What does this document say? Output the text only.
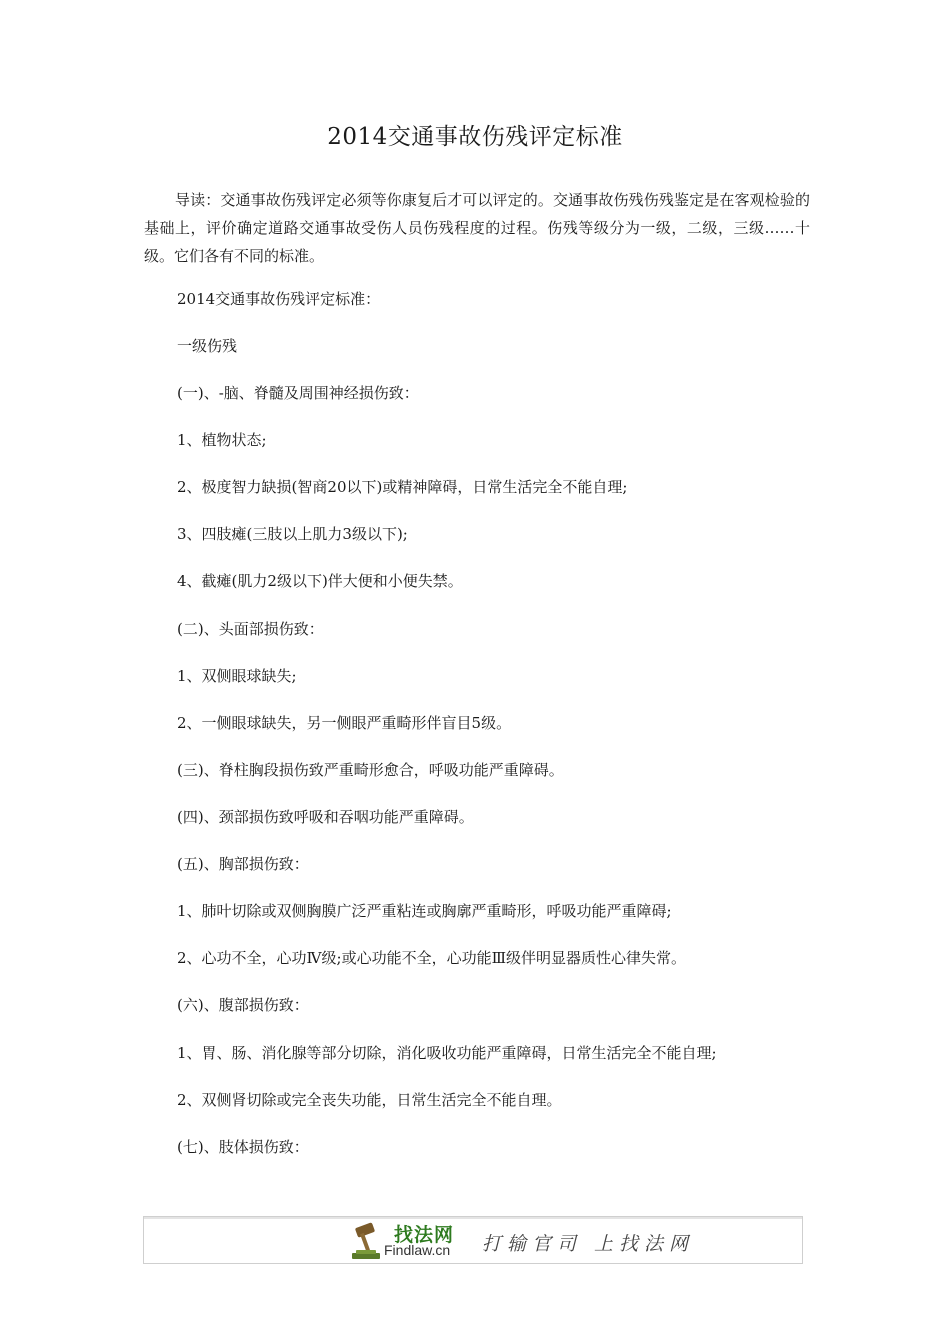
2014交通事故伤残评定标准

导读：交通事故伤残评定必须等你康复后才可以评定的。交通事故伤残伤残鉴定是在客观检验的基础上，评价确定道路交通事故受伤人员伤残程度的过程。伤残等级分为一级，二级，三级……十级。它们各有不同的标准。

2014交通事故伤残评定标准：

一级伤残

(一)、-脑、脊髓及周围神经损伤致：

1、植物状态;

2、极度智力缺损(智商20以下)或精神障碍，日常生活完全不能自理;

3、四肢瘫(三肢以上肌力3级以下);

4、截瘫(肌力2级以下)伴大便和小便失禁。

(二)、头面部损伤致：

1、双侧眼球缺失;

2、一侧眼球缺失，另一侧眼严重畸形伴盲目5级。

(三)、脊柱胸段损伤致严重畸形愈合，呼吸功能严重障碍。

(四)、颈部损伤致呼吸和吞咽功能严重障碍。

(五)、胸部损伤致：

1、肺叶切除或双侧胸膜广泛严重粘连或胸廓严重畸形，呼吸功能严重障碍;

2、心功不全，心功Ⅳ级;或心功能不全，心功能Ⅲ级伴明显器质性心律失常。

(六)、腹部损伤致：

1、胃、肠、消化腺等部分切除，消化吸收功能严重障碍，日常生活完全不能自理;

2、双侧肾切除或完全丧失功能，日常生活完全不能自理。

(七)、肢体损伤致：

找法网
Findlaw.cn 打输官司 上找法网
